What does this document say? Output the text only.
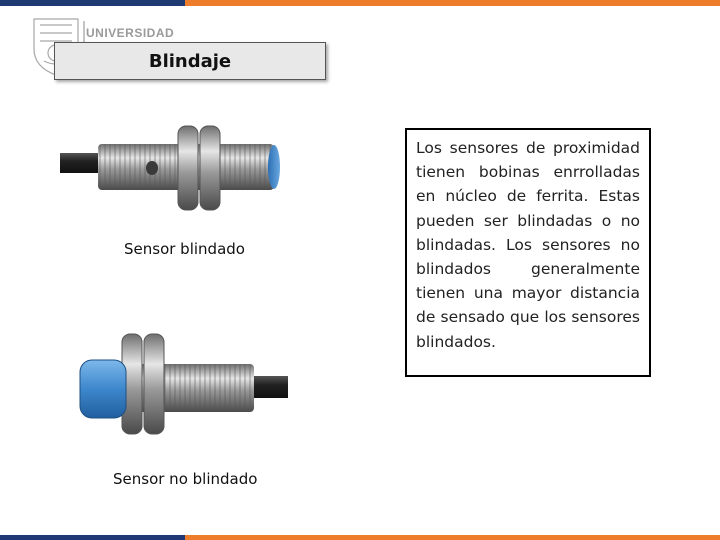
UNIVERSIDAD
Blindaje
Sensor blindado
Sensor no blindado

Los sensores de proximidad tienen bobinas enrrolladas en núcleo de ferrita. Estas pueden ser blindadas o no blindadas. Los sensores no blindados generalmente tienen una mayor distancia de sensado que los sensores blindados.
